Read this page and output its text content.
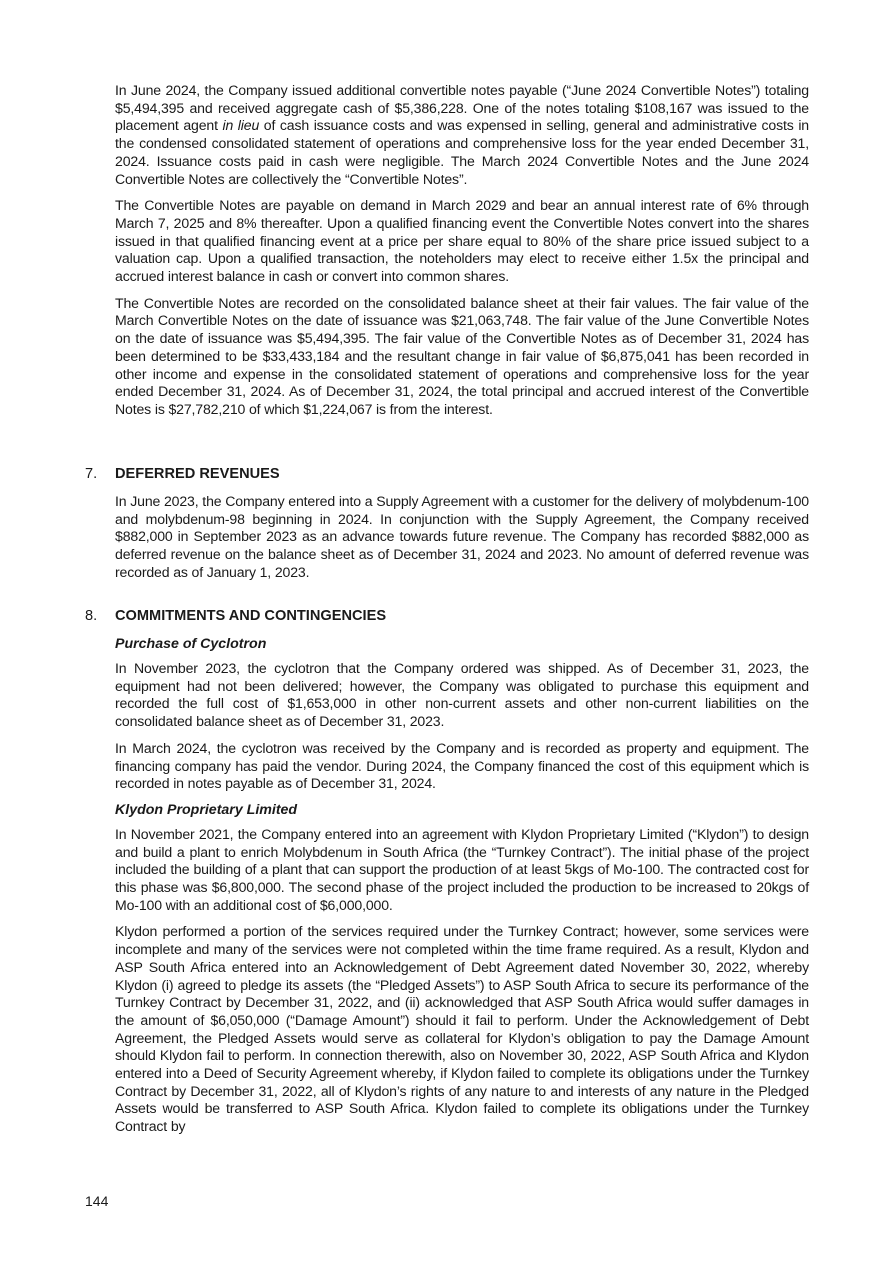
In June 2024, the Company issued additional convertible notes payable (“June 2024 Convertible Notes”) totaling $5,494,395 and received aggregate cash of $5,386,228. One of the notes totaling $108,167 was issued to the placement agent in lieu of cash issuance costs and was expensed in selling, general and administrative costs in the condensed consolidated statement of operations and comprehensive loss for the year ended December 31, 2024. Issuance costs paid in cash were negligible. The March 2024 Convertible Notes and the June 2024 Convertible Notes are collectively the “Convertible Notes”.

The Convertible Notes are payable on demand in March 2029 and bear an annual interest rate of 6% through March 7, 2025 and 8% thereafter. Upon a qualified financing event the Convertible Notes convert into the shares issued in that qualified financing event at a price per share equal to 80% of the share price issued subject to a valuation cap. Upon a qualified transaction, the noteholders may elect to receive either 1.5x the principal and accrued interest balance in cash or convert into common shares.

The Convertible Notes are recorded on the consolidated balance sheet at their fair values. The fair value of the March Convertible Notes on the date of issuance was $21,063,748. The fair value of the June Convertible Notes on the date of issuance was $5,494,395. The fair value of the Convertible Notes as of December 31, 2024 has been determined to be $33,433,184 and the resultant change in fair value of $6,875,041 has been recorded in other income and expense in the consolidated statement of operations and comprehensive loss for the year ended December 31, 2024. As of December 31, 2024, the total principal and accrued interest of the Convertible Notes is $27,782,210 of which $1,224,067 is from the interest.

7. DEFERRED REVENUES

In June 2023, the Company entered into a Supply Agreement with a customer for the delivery of molybdenum-100 and molybdenum-98 beginning in 2024. In conjunction with the Supply Agreement, the Company received $882,000 in September 2023 as an advance towards future revenue. The Company has recorded $882,000 as deferred revenue on the balance sheet as of December 31, 2024 and 2023. No amount of deferred revenue was recorded as of January 1, 2023.

8. COMMITMENTS AND CONTINGENCIES
Purchase of Cyclotron

In November 2023, the cyclotron that the Company ordered was shipped. As of December 31, 2023, the equipment had not been delivered; however, the Company was obligated to purchase this equipment and recorded the full cost of $1,653,000 in other non-current assets and other non-current liabilities on the consolidated balance sheet as of December 31, 2023.

In March 2024, the cyclotron was received by the Company and is recorded as property and equipment. The financing company has paid the vendor. During 2024, the Company financed the cost of this equipment which is recorded in notes payable as of December 31, 2024.

Klydon Proprietary Limited

In November 2021, the Company entered into an agreement with Klydon Proprietary Limited (“Klydon”) to design and build a plant to enrich Molybdenum in South Africa (the “Turnkey Contract”). The initial phase of the project included the building of a plant that can support the production of at least 5kgs of Mo-100. The contracted cost for this phase was $6,800,000. The second phase of the project included the production to be increased to 20kgs of Mo-100 with an additional cost of $6,000,000.

Klydon performed a portion of the services required under the Turnkey Contract; however, some services were incomplete and many of the services were not completed within the time frame required. As a result, Klydon and ASP South Africa entered into an Acknowledgement of Debt Agreement dated November 30, 2022, whereby Klydon (i) agreed to pledge its assets (the “Pledged Assets”) to ASP South Africa to secure its performance of the Turnkey Contract by December 31, 2022, and (ii) acknowledged that ASP South Africa would suffer damages in the amount of $6,050,000 (“Damage Amount”) should it fail to perform. Under the Acknowledgement of Debt Agreement, the Pledged Assets would serve as collateral for Klydon’s obligation to pay the Damage Amount should Klydon fail to perform. In connection therewith, also on November 30, 2022, ASP South Africa and Klydon entered into a Deed of Security Agreement whereby, if Klydon failed to complete its obligations under the Turnkey Contract by December 31, 2022, all of Klydon’s rights of any nature to and interests of any nature in the Pledged Assets would be transferred to ASP South Africa. Klydon failed to complete its obligations under the Turnkey Contract by

144
